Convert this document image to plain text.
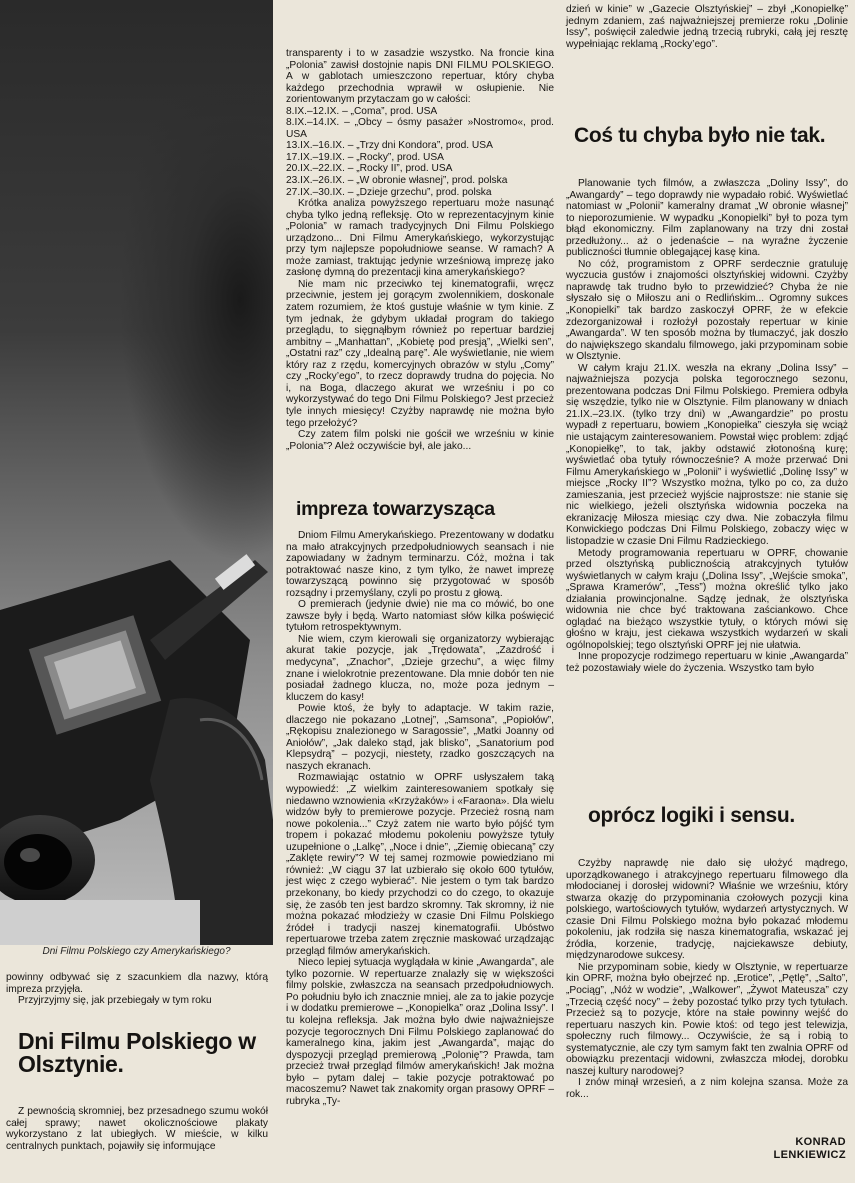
Dni Filmu Polskiego czy Amerykańskiego?

powinny odbywać się z szacunkiem dla nazwy, którą impreza przyjęła.

Przyjrzyjmy się, jak przebiegały w tym roku

Dni Filmu Polskiego w Olsztynie.

Z pewnością skromniej, bez przesadnego szumu wokół całej sprawy; nawet okolicznościowe plakaty wykorzystano z lat ubiegłych. W mieście, w kilku centralnych punktach, pojawiły się informujące

transparenty i to w zasadzie wszystko. Na froncie kina „Polonia” zawisł dostojnie napis DNI FILMU POLSKIEGO. A w gablotach umieszczono repertuar, który chyba każdego przechodnia wprawił w osłupienie. Nie zorientowanym przytaczam go w całości:

8.IX.–12.IX. – „Coma”, prod. USA
8.IX.–14.IX. – „Obcy – ósmy pasażer »Nostromo«, prod. USA
13.IX.–16.IX. – „Trzy dni Kondora”, prod. USA
17.IX.–19.IX. – „Rocky”, prod. USA
20.IX.–22.IX. – „Rocky II”, prod. USA
23.IX.–26.IX. – „W obronie własnej”, prod. polska
27.IX.–30.IX. – „Dzieje grzechu”, prod. polska

Krótka analiza powyższego repertuaru może nasunąć chyba tylko jedną refleksję. Oto w reprezentacyjnym kinie „Polonia” w ramach tradycyjnych Dni Filmu Polskiego urządzono... Dni Filmu Amerykańskiego, wykorzystując przy tym najlepsze popołudniowe seanse. W ramach? A może zamiast, traktując jedynie wrześniową imprezę jako zasłonę dymną do prezentacji kina amerykańskiego?

Nie mam nic przeciwko tej kinematografii, wręcz przeciwnie, jestem jej gorącym zwolennikiem, doskonale zatem rozumiem, że ktoś gustuje właśnie w tym kinie. Z tym jednak, że gdybym układał program do takiego przeglądu, to sięgnąłbym również po repertuar bardziej ambitny – „Manhattan”, „Kobietę pod presją”, „Wielki sen”, „Ostatni raz” czy „Idealną parę”. Ale wyświetlanie, nie wiem który raz z rzędu, komercyjnych obrazów w stylu „Comy” czy „Rocky’ego”, to rzecz doprawdy trudna do pojęcia. No i, na Boga, dlaczego akurat we wrześniu i po co wykorzystywać do tego Dni Filmu Polskiego? Jest przecież tyle innych miesięcy! Czyżby naprawdę nie można było tego przełożyć?

Czy zatem film polski nie gościł we wrześniu w kinie „Polonia”? Ależ oczywiście był, ale jako...

impreza towarzysząca

Dniom Filmu Amerykańskiego. Prezentowany w dodatku na mało atrakcyjnych przedpołudniowych seansach i nie zapowiadany w żadnym terminarzu. Cóż, można i tak potraktować nasze kino, z tym tylko, że nawet imprezę towarzyszącą powinno się przygotować w sposób rozsądny i przemyślany, czyli po prostu z głową.

O premierach (jedynie dwie) nie ma co mówić, bo one zawsze były i będą. Warto natomiast słów kilka poświęcić tytułom retrospektywnym.

Nie wiem, czym kierowali się organizatorzy wybierając akurat takie pozycje, jak „Trędowata”, „Zazdrość i medycyna”, „Znachor”, „Dzieje grzechu”, a więc filmy znane i wielokrotnie prezentowane. Dla mnie dobór ten nie posiadał żadnego klucza, no, może poza jednym – kluczem do kasy!

Powie ktoś, że były to adaptacje. W takim razie, dlaczego nie pokazano „Lotnej”, „Samsona”, „Popiołów”, „Rękopisu znalezionego w Saragossie”, „Matki Joanny od Aniołów”, „Jak daleko stąd, jak blisko”, „Sanatorium pod Klepsydrą” – pozycji, niestety, rzadko goszczących na naszych ekranach.

Rozmawiając ostatnio w OPRF usłyszałem taką wypowiedź: „Z wielkim zainteresowaniem spotkały się niedawno wznowienia «Krzyżaków» i «Faraona». Dla wielu widzów były to premierowe pozycje. Przecież rosną nam nowe pokolenia...” Czyż zatem nie warto było pójść tym tropem i pokazać młodemu pokoleniu powyższe tytuły uzupełnione o „Lalkę”, „Noce i dnie”, „Ziemię obiecaną” czy „Zaklęte rewiry”? W tej samej rozmowie powiedziano mi również: „W ciągu 37 lat uzbierało się około 600 tytułów, jest więc z czego wybierać”. Nie jestem o tym tak bardzo przekonany, bo kiedy przychodzi co do czego, to okazuje się, że zasób ten jest bardzo skromny. Tak skromny, iż nie można pokazać młodzieży w czasie Dni Filmu Polskiego źródeł i tradycji naszej kinematografii. Ubóstwo repertuarowe trzeba zatem zręcznie maskować urządzając przegląd filmów amerykańskich.

Nieco lepiej sytuacja wyglądała w kinie „Awangarda”, ale tylko pozornie. W repertuarze znalazły się w większości filmy polskie, zwłaszcza na seansach przedpołudniowych. Po południu było ich znacznie mniej, ale za to jakie pozycje i w dodatku premierowe – „Konopielka” oraz „Dolina Issy”. I tu kolejna refleksja. Jak można było dwie najważniejsze pozycje tegorocznych Dni Filmu Polskiego zaplanować do kameralnego kina, jakim jest „Awangarda”, mając do dyspozycji przegląd premierową „Polonię”? Prawda, tam przecież trwał przegląd filmów amerykańskich! Jak można było – pytam dalej – takie pozycje potraktować po macoszemu? Nawet tak znakomity organ prasowy OPRF – rubryka „Ty-

dzień w kinie” w „Gazecie Olsztyńskiej” – zbył „Konopielkę” jednym zdaniem, zaś najważniejszej premierze roku „Dolinie Issy”, poświęcił zaledwie jedną trzecią rubryki, całą jej resztę wypełniając reklamą „Rocky’ego”.

Coś tu chyba było nie tak.

Planowanie tych filmów, a zwłaszcza „Doliny Issy”, do „Awangardy” – tego doprawdy nie wypadało robić. Wyświetlać natomiast w „Polonii” kameralny dramat „W obronie własnej” to nieporozumienie. W wypadku „Konopielki” był to poza tym błąd ekonomiczny. Film zaplanowany na trzy dni został przedłużony... aż o jedenaście – na wyraźne życzenie publiczności tłumnie oblegającej kasę kina.

No cóż, programistom z OPRF serdecznie gratuluję wyczucia gustów i znajomości olsztyńskiej widowni. Czyżby naprawdę tak trudno było to przewidzieć? Chyba że nie słyszało się o Miłoszu ani o Redlińskim... Ogromny sukces „Konopielki” tak bardzo zaskoczył OPRF, że w efekcie zdezorganizował i rozłożył pozostały repertuar w kinie „Awangarda”. W ten sposób można by tłumaczyć, jak doszło do największego skandalu filmowego, jaki przypominam sobie w Olsztynie.

W całym kraju 21.IX. weszła na ekrany „Dolina Issy” – najważniejsza pozycja polska tegorocznego sezonu, prezentowana podczas Dni Filmu Polskiego. Premiera odbyła się wszędzie, tylko nie w Olsztynie. Film planowany w dniach 21.IX.–23.IX. (tylko trzy dni) w „Awangardzie” po prostu wypadł z repertuaru, bowiem „Konopiełka” cieszyła się wciąż nie ustającym zainteresowaniem. Powstał więc problem: zdjąć „Konopiełkę”, to tak, jakby odstawić złotonośną kurę; wyświetlać oba tytuły równocześnie? A może przerwać Dni Filmu Amerykańskiego w „Polonii” i wyświetlić „Dolinę Issy” w miejsce „Rocky II”? Wszystko można, tylko po co, za dużo zamieszania, jest przecież wyjście najprostsze: nie stanie się nic wielkiego, jeżeli olsztyńska widownia poczeka na ekranizację Miłosza miesiąc czy dwa. Nie zobaczyła filmu Konwickiego podczas Dni Filmu Polskiego, zobaczy więc w listopadzie w czasie Dni Filmu Radzieckiego.

Metody programowania repertuaru w OPRF, chowanie przed olsztyńską publicznością atrakcyjnych tytułów wyświetlanych w całym kraju („Dolina Issy”, „Wejście smoka”, „Sprawa Kramerów”, „Tess”) można określić tylko jako działania prowincjonalne. Sądzę jednak, że olsztyńska widownia nie chce być traktowana zaściankowo. Chce oglądać na bieżąco wszystkie tytuły, o których mówi się głośno w kraju, jest ciekawa wszystkich wydarzeń w skali ogólnopolskiej; tego olsztyński OPRF jej nie ułatwia.

Inne propozycje rodzimego repertuaru w kinie „Awangarda” też pozostawiały wiele do życzenia. Wszystko tam było

oprócz logiki i sensu.

Czyżby naprawdę nie dało się ułożyć mądrego, uporządkowanego i atrakcyjnego repertuaru filmowego dla młodocianej i dorosłej widowni? Właśnie we wrześniu, który stwarza okazję do przypominania czołowych pozycji kina polskiego, wartościowych tytułów, wydarzeń artystycznych. W czasie Dni Filmu Polskiego można było pokazać młodemu pokoleniu, jak rodziła się nasza kinematografia, wskazać jej źródła, korzenie, tradycję, najciekawsze debiuty, międzynarodowe sukcesy.

Nie przypominam sobie, kiedy w Olsztynie, w repertuarze kin OPRF, można było obejrzeć np. „Erotice”, „Pętlę”, „Salto”, „Pociąg”, „Nóż w wodzie”, „Walkower”, „Żywot Mateusza” czy „Trzecią część nocy” – żeby pozostać tylko przy tych tytułach. Przecież są to pozycje, które na stałe powinny wejść do repertuaru naszych kin. Powie ktoś: od tego jest telewizja, społeczny ruch filmowy... Oczywiście, że są i robią to systematycznie, ale czy tym samym fakt ten zwalnia OPRF od obowiązku prezentacji widowni, zwłaszcza młodej, dorobku naszej kultury narodowej?

I znów minął wrzesień, a z nim kolejna szansa. Może za rok...

KONRAD LENKIEWICZ
